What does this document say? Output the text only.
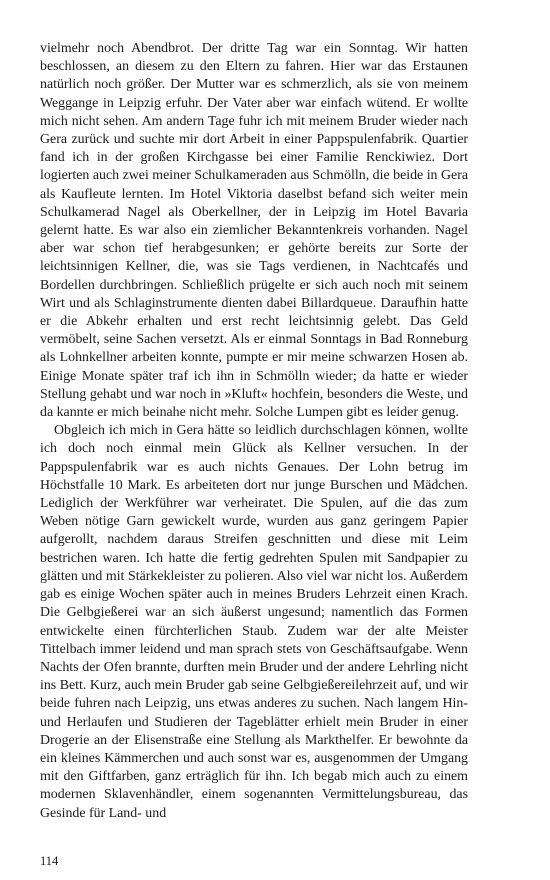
vielmehr noch Abendbrot. Der dritte Tag war ein Sonntag. Wir hatten beschlossen, an diesem zu den Eltern zu fahren. Hier war das Erstaunen natürlich noch größer. Der Mutter war es schmerzlich, als sie von meinem Weggange in Leipzig erfuhr. Der Vater aber war einfach wütend. Er wollte mich nicht sehen. Am andern Tage fuhr ich mit meinem Bruder wieder nach Gera zurück und suchte mir dort Arbeit in einer Pappspulenfabrik. Quartier fand ich in der großen Kirchgasse bei einer Familie Renckiwiez. Dort logierten auch zwei meiner Schulkameraden aus Schmölln, die beide in Gera als Kaufleute lernten. Im Hotel Viktoria daselbst befand sich weiter mein Schulkamerad Nagel als Oberkellner, der in Leipzig im Hotel Bavaria gelernt hatte. Es war also ein ziemlicher Bekanntenkreis vorhanden. Nagel aber war schon tief herabgesunken; er gehörte bereits zur Sorte der leichtsinnigen Kellner, die, was sie Tags verdienen, in Nachtcafés und Bordellen durchbringen. Schließlich prügelte er sich auch noch mit seinem Wirt und als Schlaginstrumente dienten dabei Billardqueue. Daraufhin hatte er die Abkehr erhalten und erst recht leichtsinnig gelebt. Das Geld vermöbelt, seine Sachen versetzt. Als er einmal Sonntags in Bad Ronneburg als Lohnkellner arbeiten konnte, pumpte er mir meine schwarzen Hosen ab. Einige Monate später traf ich ihn in Schmölln wieder; da hatte er wieder Stellung gehabt und war noch in »Kluft« hochfein, besonders die Weste, und da kannte er mich beinahe nicht mehr. Solche Lumpen gibt es leider genug.

Obgleich ich mich in Gera hätte so leidlich durchschlagen können, wollte ich doch noch einmal mein Glück als Kellner versuchen. In der Pappspulenfabrik war es auch nichts Genaues. Der Lohn betrug im Höchstfalle 10 Mark. Es arbeiteten dort nur junge Burschen und Mädchen. Lediglich der Werkführer war verheiratet. Die Spulen, auf die das zum Weben nötige Garn gewickelt wurde, wurden aus ganz geringem Papier aufgerollt, nachdem daraus Streifen geschnitten und diese mit Leim bestrichen waren. Ich hatte die fertig gedrehten Spulen mit Sandpapier zu glätten und mit Stärkekleister zu polieren. Also viel war nicht los. Außerdem gab es einige Wochen später auch in meines Bruders Lehrzeit einen Krach. Die Gelbgießerei war an sich äußerst ungesund; namentlich das Formen entwickelte einen fürchterlichen Staub. Zudem war der alte Meister Tittelbach immer leidend und man sprach stets von Geschäftsaufgabe. Wenn Nachts der Ofen brannte, durften mein Bruder und der andere Lehrling nicht ins Bett. Kurz, auch mein Bruder gab seine Gelbgießereilehrzeit auf, und wir beide fuhren nach Leipzig, uns etwas anderes zu suchen. Nach langem Hin- und Herlaufen und Studieren der Tageblätter erhielt mein Bruder in einer Drogerie an der Elisenstraße eine Stellung als Markthelfer. Er bewohnte da ein kleines Kämmerchen und auch sonst war es, ausgenommen der Umgang mit den Giftfarben, ganz erträglich für ihn. Ich begab mich auch zu einem modernen Sklavenhändler, einem sogenannten Vermittelungsbureau, das Gesinde für Land- und

114
